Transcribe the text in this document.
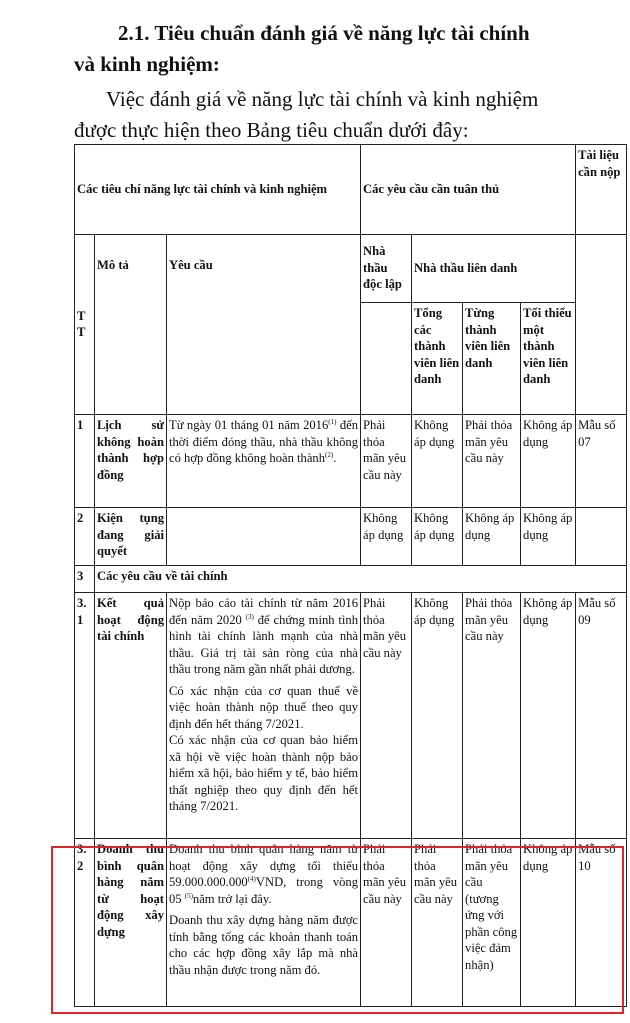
2.1. Tiêu chuẩn đánh giá về năng lực tài chính
và kinh nghiệm:
Việc đánh giá về năng lực tài chính và kinh nghiệm
được thực hiện theo Bảng tiêu chuẩn dưới đây:
Các tiêu chí năng lực tài chính và kinh nghiệm			Các yêu cầu cần tuân thủ				Tài liệu cần nộp
TT	Mô tả	Yêu cầu	Nhà thầu độc lập	Nhà thầu liên danh			
				Tổng các thành viên liên danh	Từng thành viên liên danh	Tối thiểu một thành viên liên danh	
1	Lịch sử không hoàn thành hợp đồng	Từ ngày 01 tháng 01 năm 2016$^{(1)}$ đến thời điểm đóng thầu, nhà thầu không có hợp đồng không hoàn thành$^{(2)}$.	Phải thỏa mãn yêu cầu này	Không áp dụng	Phải thỏa mãn yêu cầu này	Không áp dụng	Mẫu số 07
2	Kiện tụng đang giải quyết		Không áp dụng	Không áp dụng	Không áp dụng	Không áp dụng	
3	Các yêu cầu về tài chính						
3.1	Kết quả hoạt động tài chính	Nộp báo cáo tài chính từ năm 2016 đến năm 2020 $^{(3)}$ để chứng minh tình hình tài chính lành mạnh của nhà thầu. Giá trị tài sản ròng của nhà thầu trong năm gần nhất phải dương.
Có xác nhận của cơ quan thuế về việc hoàn thành nộp thuế theo quy định đến hết tháng 7/2021.
Có xác nhận của cơ quan bảo hiểm xã hội về việc hoàn thành nộp bảo hiểm xã hội, bảo hiểm y tế, bảo hiểm thất nghiệp theo quy định đến hết tháng 7/2021.	Phải thỏa mãn yêu cầu này	Không áp dụng	Phải thỏa mãn yêu cầu này	Không áp dụng	Mẫu số 09
3.2	Doanh thu bình quân hàng năm từ hoạt động xây dựng	Doanh thu bình quân hàng năm từ hoạt động xây dựng tối thiểu 59.000.000.000$^{(4)}$VND, trong vòng 05 $^{(5)}$năm trở lại đây.
Doanh thu xây dựng hàng năm được tính bằng tổng các khoản thanh toán cho các hợp đồng xây lắp mà nhà thầu nhận được trong năm đó.	Phải thỏa mãn yêu cầu này	Phải thỏa mãn yêu cầu này	Phải thỏa mãn yêu cầu (tương ứng với phần công việc đảm nhận)	Không áp dụng	Mẫu số 10
